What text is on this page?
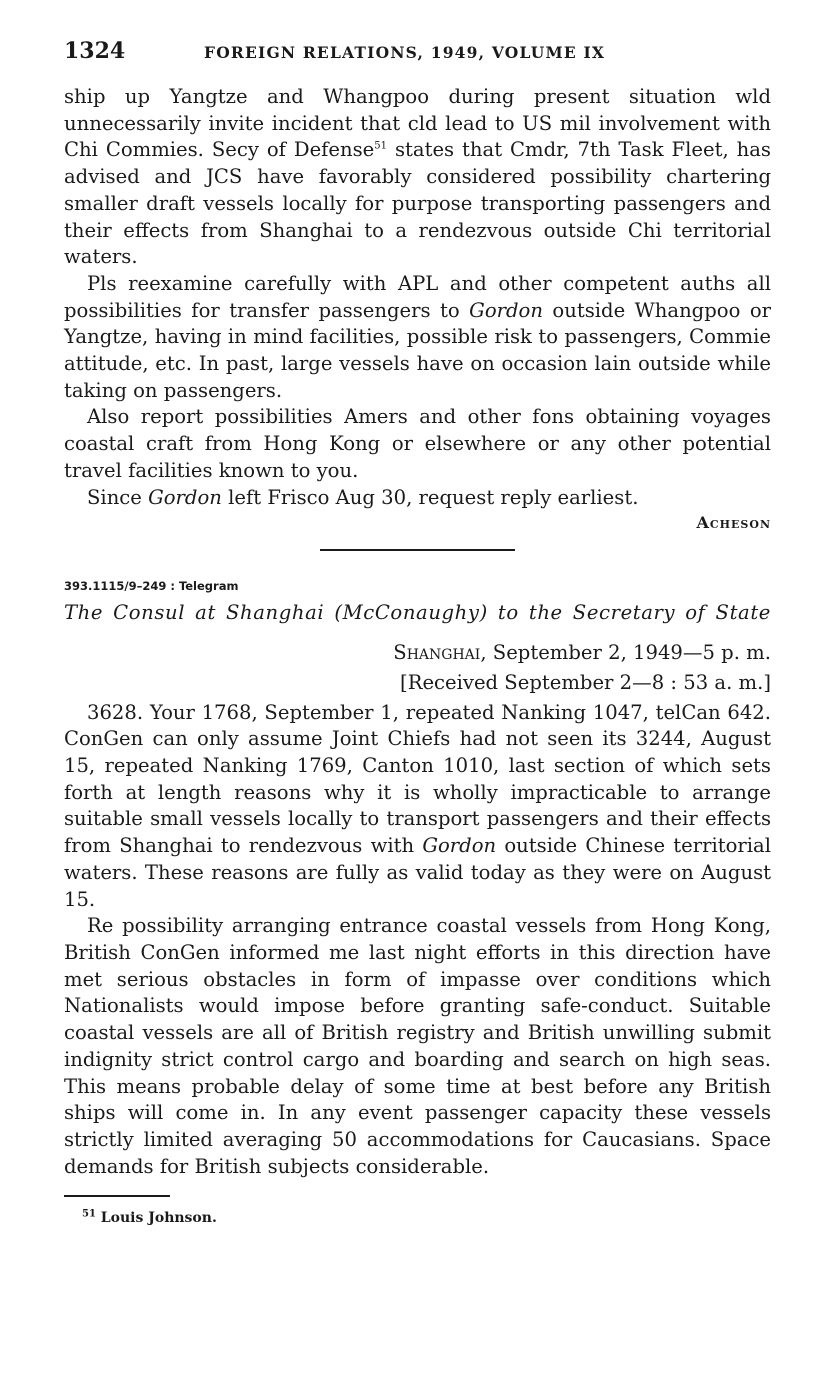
1324	FOREIGN RELATIONS, 1949, VOLUME IX

ship up Yangtze and Whangpoo during present situation wld unnecessarily invite incident that cld lead to US mil involvement with Chi Commies. Secy of Defense$^{51}$ states that Cmdr, 7th Task Fleet, has advised and JCS have favorably considered possibility chartering smaller draft vessels locally for purpose transporting passengers and their effects from Shanghai to a rendezvous outside Chi territorial waters.

Pls reexamine carefully with APL and other competent auths all possibilities for transfer passengers to Gordon outside Whangpoo or Yangtze, having in mind facilities, possible risk to passengers, Commie attitude, etc. In past, large vessels have on occasion lain outside while taking on passengers.

Also report possibilities Amers and other fons obtaining voyages coastal craft from Hong Kong or elsewhere or any other potential travel facilities known to you.

Since Gordon left Frisco Aug 30, request reply earliest.

Acheson

393.1115/9–249 : Telegram

The Consul at Shanghai (McConaughy) to the Secretary of State

Shanghai, September 2, 1949—5 p. m.
[Received September 2—8 : 53 a. m.]

3628. Your 1768, September 1, repeated Nanking 1047, telCan 642. ConGen can only assume Joint Chiefs had not seen its 3244, August 15, repeated Nanking 1769, Canton 1010, last section of which sets forth at length reasons why it is wholly impracticable to arrange suitable small vessels locally to transport passengers and their effects from Shanghai to rendezvous with Gordon outside Chinese territorial waters. These reasons are fully as valid today as they were on August 15.

Re possibility arranging entrance coastal vessels from Hong Kong, British ConGen informed me last night efforts in this direction have met serious obstacles in form of impasse over conditions which Nationalists would impose before granting safe-conduct. Suitable coastal vessels are all of British registry and British unwilling submit indignity strict control cargo and boarding and search on high seas. This means probable delay of some time at best before any British ships will come in. In any event passenger capacity these vessels strictly limited averaging 50 accommodations for Caucasians. Space demands for British subjects considerable.

$^{51}$ Louis Johnson.
